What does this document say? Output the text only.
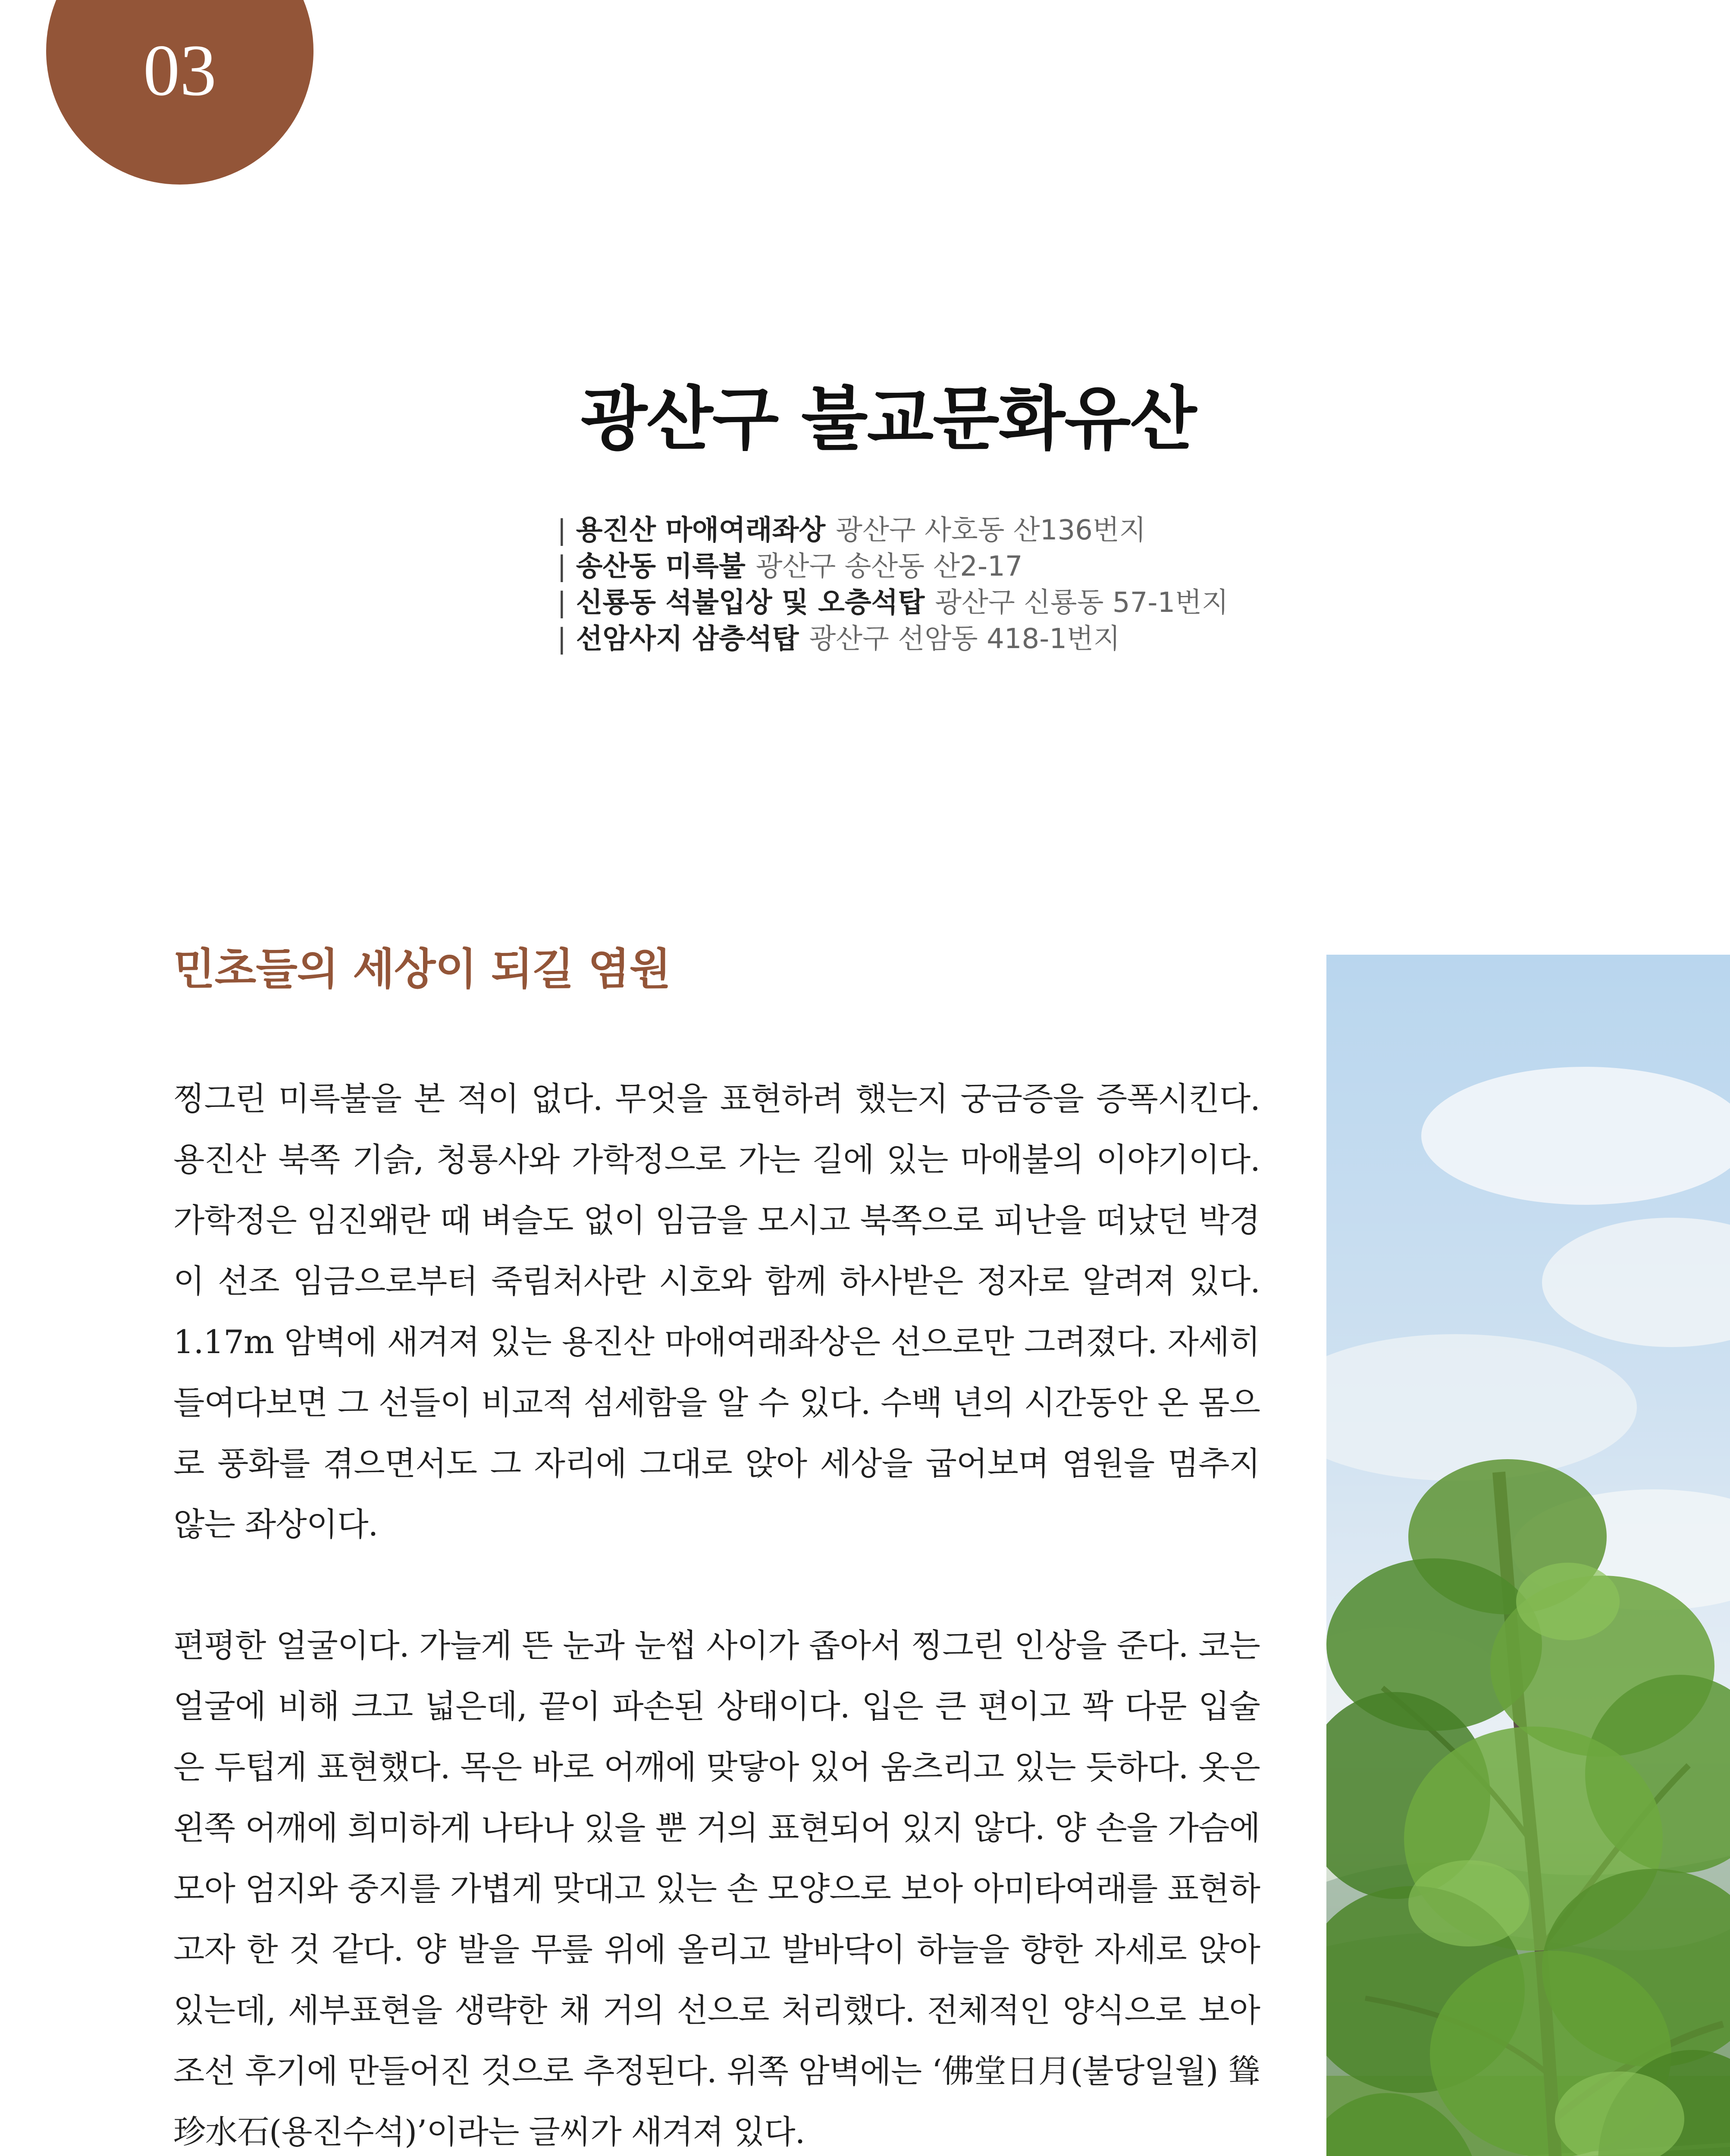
03
광산구 불교문화유산
| 용진산 마애여래좌상 광산구 사호동 산136번지
| 송산동 미륵불 광산구 송산동 산2-17
| 신룡동 석불입상 및 오층석탑 광산구 신룡동 57-1번지
| 선암사지 삼층석탑 광산구 선암동 418-1번지
민초들의 세상이 되길 염원

찡그린 미륵불을 본 적이 없다. 무엇을 표현하려 했는지 궁금증을 증폭시킨다. 용진산 북쪽 기슭, 청룡사와 가학정으로 가는 길에 있는 마애불의 이야기이다. 가학정은 임진왜란 때 벼슬도 없이 임금을 모시고 북쪽으로 피난을 떠났던 박경이 선조 임금으로부터 죽림처사란 시호와 함께 하사받은 정자로 알려져 있다. 1.17m 암벽에 새겨져 있는 용진산 마애여래좌상은 선으로만 그려졌다. 자세히 들여다보면 그 선들이 비교적 섬세함을 알 수 있다. 수백 년의 시간동안 온 몸으로 풍화를 겪으면서도 그 자리에 그대로 앉아 세상을 굽어보며 염원을 멈추지 않는 좌상이다.

편평한 얼굴이다. 가늘게 뜬 눈과 눈썹 사이가 좁아서 찡그린 인상을 준다. 코는 얼굴에 비해 크고 넓은데, 끝이 파손된 상태이다. 입은 큰 편이고 꽉 다문 입술은 두텁게 표현했다. 목은 바로 어깨에 맞닿아 있어 움츠리고 있는 듯하다. 옷은 왼쪽 어깨에 희미하게 나타나 있을 뿐 거의 표현되어 있지 않다. 양 손을 가슴에 모아 엄지와 중지를 가볍게 맞대고 있는 손 모양으로 보아 아미타여래를 표현하고자 한 것 같다. 양 발을 무릎 위에 올리고 발바닥이 하늘을 향한 자세로 앉아 있는데, 세부표현을 생략한 채 거의 선으로 처리했다. 전체적인 양식으로 보아 조선 후기에 만들어진 것으로 추정된다. 위쪽 암벽에는 ‘佛堂日月(불당일월) 聳珍水石(용진수석)’이라는 글씨가 새겨져 있다.
